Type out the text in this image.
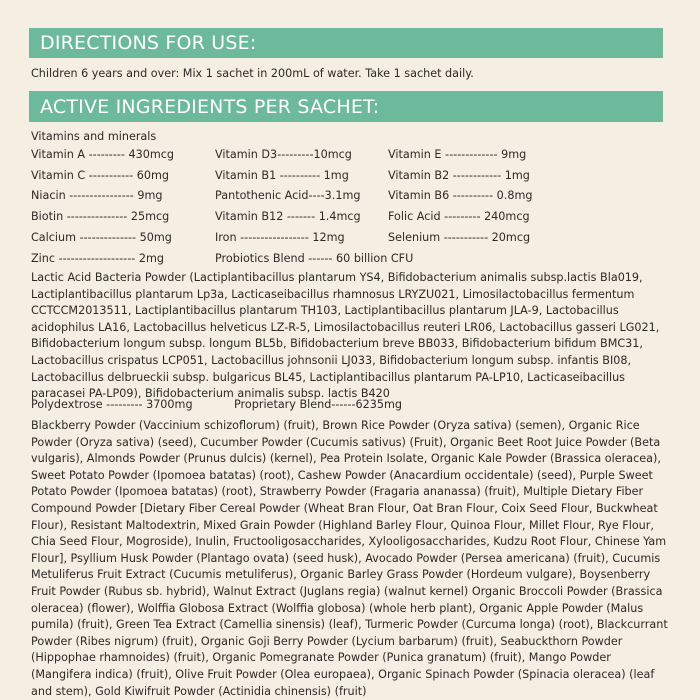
DIRECTIONS FOR USE:
Children 6 years and over: Mix 1 sachet in 200mL of water. Take 1 sachet daily.
ACTIVE INGREDIENTS PER SACHET:
Vitamins and minerals
Vitamin A --------- 430mcg
Vitamin C ----------- 60mg
Niacin ---------------- 9mg
Biotin --------------- 25mcg
Calcium -------------- 50mg
Zinc ------------------- 2mg
Vitamin D3---------10mcg
Vitamin B1 ---------- 1mg
Pantothenic Acid----3.1mg
Vitamin B12 ------- 1.4mcg
Iron ----------------- 12mg
Probiotics Blend ------ 60 billion CFU
Vitamin E ------------- 9mg
Vitamin B2 ------------ 1mg
Vitamin B6 ---------- 0.8mg
Folic Acid --------- 240mcg
Selenium ----------- 20mcg

Lactic Acid Bacteria Powder (Lactiplantibacillus plantarum YS4, Bifidobacterium animalis subsp.lactis Bla019, Lactiplantibacillus plantarum Lp3a, Lacticaseibacillus rhamnosus LRYZU021, Limosilactobacillus fermentum CCTCCM2013511, Lactiplantibacillus plantarum TH103, Lactiplantibacillus plantarum JLA-9, Lactobacillus acidophilus LA16, Lactobacillus helveticus LZ-R-5, Limosilactobacillus reuteri LR06, Lactobacillus gasseri LG021, Bifidobacterium longum subsp. longum BL5b, Bifidobacterium breve BB033, Bifidobacterium bifidum BMC31, Lactobacillus crispatus LCP051, Lactobacillus johnsonii LJ033, Bifidobacterium longum subsp. infantis BI08, Lactobacillus delbrueckii subsp. bulgaricus BL45, Lactiplantibacillus plantarum PA-LP10, Lacticaseibacillus paracasei PA-LP09), Bifidobacterium animalis subsp. lactis B420

Polydextrose --------- 3700mg	Proprietary Blend------6235mg

Blackberry Powder (Vaccinium schizoflorum) (fruit), Brown Rice Powder (Oryza sativa) (semen), Organic Rice Powder (Oryza sativa) (seed), Cucumber Powder (Cucumis sativus) (Fruit), Organic Beet Root Juice Powder (Beta vulgaris), Almonds Powder (Prunus dulcis) (kernel), Pea Protein Isolate, Organic Kale Powder (Brassica oleracea), Sweet Potato Powder (Ipomoea batatas) (root), Cashew Powder (Anacardium occidentale) (seed), Purple Sweet Potato Powder (Ipomoea batatas) (root), Strawberry Powder (Fragaria ananassa) (fruit), Multiple Dietary Fiber Compound Powder [Dietary Fiber Cereal Powder (Wheat Bran Flour, Oat Bran Flour, Coix Seed Flour, Buckwheat Flour), Resistant Maltodextrin, Mixed Grain Powder (Highland Barley Flour, Quinoa Flour, Millet Flour, Rye Flour, Chia Seed Flour, Mogroside), Inulin, Fructooligosaccharides, Xylooligosaccharides, Kudzu Root Flour, Chinese Yam Flour], Psyllium Husk Powder (Plantago ovata) (seed husk), Avocado Powder (Persea americana) (fruit), Cucumis Metuliferus Fruit Extract (Cucumis metuliferus), Organic Barley Grass Powder (Hordeum vulgare), Boysenberry Fruit Powder (Rubus sb. hybrid), Walnut Extract (Juglans regia) (walnut kernel) Organic Broccoli Powder (Brassica oleracea) (flower), Wolffia Globosa Extract (Wolffia globosa) (whole herb plant), Organic Apple Powder (Malus pumila) (fruit), Green Tea Extract (Camellia sinensis) (leaf), Turmeric Powder (Curcuma longa) (root), Blackcurrant Powder (Ribes nigrum) (fruit), Organic Goji Berry Powder (Lycium barbarum) (fruit), Seabuckthorn Powder (Hippophae rhamnoides) (fruit), Organic Pomegranate Powder (Punica granatum) (fruit), Mango Powder (Mangifera indica) (fruit), Olive Fruit Powder (Olea europaea), Organic Spinach Powder (Spinacia oleracea) (leaf and stem), Gold Kiwifruit Powder (Actinidia chinensis) (fruit)
